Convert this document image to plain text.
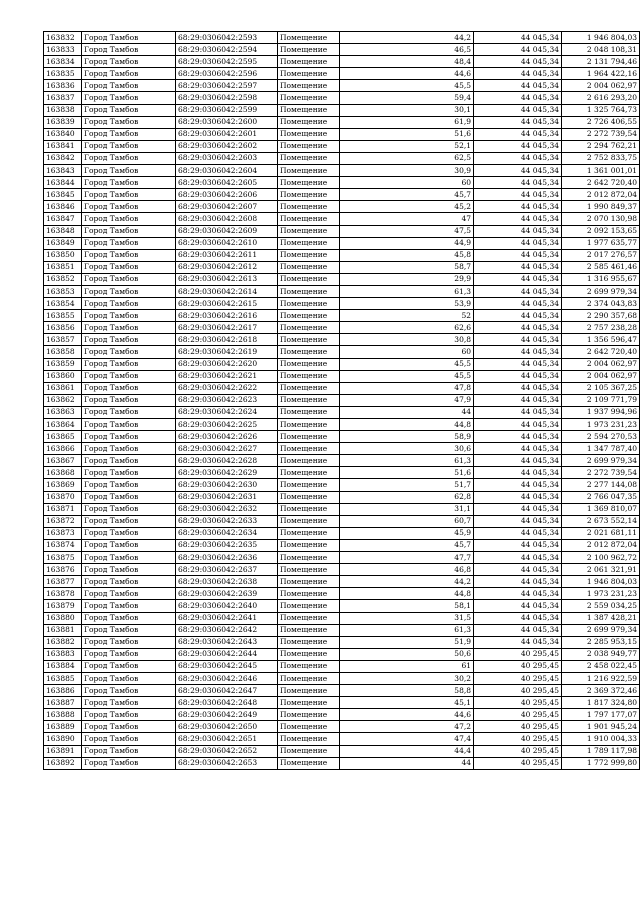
163832	Город Тамбов	68:29:0306042:2593	Помещение	44,2	44 045,34	1 946 804,03
163833	Город Тамбов	68:29:0306042:2594	Помещение	46,5	44 045,34	2 048 108,31
163834	Город Тамбов	68:29:0306042:2595	Помещение	48,4	44 045,34	2 131 794,46
163835	Город Тамбов	68:29:0306042:2596	Помещение	44,6	44 045,34	1 964 422,16
163836	Город Тамбов	68:29:0306042:2597	Помещение	45,5	44 045,34	2 004 062,97
163837	Город Тамбов	68:29:0306042:2598	Помещение	59,4	44 045,34	2 616 293,20
163838	Город Тамбов	68:29:0306042:2599	Помещение	30,1	44 045,34	1 325 764,73
163839	Город Тамбов	68:29:0306042:2600	Помещение	61,9	44 045,34	2 726 406,55
163840	Город Тамбов	68:29:0306042:2601	Помещение	51,6	44 045,34	2 272 739,54
163841	Город Тамбов	68:29:0306042:2602	Помещение	52,1	44 045,34	2 294 762,21
163842	Город Тамбов	68:29:0306042:2603	Помещение	62,5	44 045,34	2 752 833,75
163843	Город Тамбов	68:29:0306042:2604	Помещение	30,9	44 045,34	1 361 001,01
163844	Город Тамбов	68:29:0306042:2605	Помещение	60	44 045,34	2 642 720,40
163845	Город Тамбов	68:29:0306042:2606	Помещение	45,7	44 045,34	2 012 872,04
163846	Город Тамбов	68:29:0306042:2607	Помещение	45,2	44 045,34	1 990 849,37
163847	Город Тамбов	68:29:0306042:2608	Помещение	47	44 045,34	2 070 130,98
163848	Город Тамбов	68:29:0306042:2609	Помещение	47,5	44 045,34	2 092 153,65
163849	Город Тамбов	68:29:0306042:2610	Помещение	44,9	44 045,34	1 977 635,77
163850	Город Тамбов	68:29:0306042:2611	Помещение	45,8	44 045,34	2 017 276,57
163851	Город Тамбов	68:29:0306042:2612	Помещение	58,7	44 045,34	2 585 461,46
163852	Город Тамбов	68:29:0306042:2613	Помещение	29,9	44 045,34	1 316 955,67
163853	Город Тамбов	68:29:0306042:2614	Помещение	61,3	44 045,34	2 699 979,34
163854	Город Тамбов	68:29:0306042:2615	Помещение	53,9	44 045,34	2 374 043,83
163855	Город Тамбов	68:29:0306042:2616	Помещение	52	44 045,34	2 290 357,68
163856	Город Тамбов	68:29:0306042:2617	Помещение	62,6	44 045,34	2 757 238,28
163857	Город Тамбов	68:29:0306042:2618	Помещение	30,8	44 045,34	1 356 596,47
163858	Город Тамбов	68:29:0306042:2619	Помещение	60	44 045,34	2 642 720,40
163859	Город Тамбов	68:29:0306042:2620	Помещение	45,5	44 045,34	2 004 062,97
163860	Город Тамбов	68:29:0306042:2621	Помещение	45,5	44 045,34	2 004 062,97
163861	Город Тамбов	68:29:0306042:2622	Помещение	47,8	44 045,34	2 105 367,25
163862	Город Тамбов	68:29:0306042:2623	Помещение	47,9	44 045,34	2 109 771,79
163863	Город Тамбов	68:29:0306042:2624	Помещение	44	44 045,34	1 937 994,96
163864	Город Тамбов	68:29:0306042:2625	Помещение	44,8	44 045,34	1 973 231,23
163865	Город Тамбов	68:29:0306042:2626	Помещение	58,9	44 045,34	2 594 270,53
163866	Город Тамбов	68:29:0306042:2627	Помещение	30,6	44 045,34	1 347 787,40
163867	Город Тамбов	68:29:0306042:2628	Помещение	61,3	44 045,34	2 699 979,34
163868	Город Тамбов	68:29:0306042:2629	Помещение	51,6	44 045,34	2 272 739,54
163869	Город Тамбов	68:29:0306042:2630	Помещение	51,7	44 045,34	2 277 144,08
163870	Город Тамбов	68:29:0306042:2631	Помещение	62,8	44 045,34	2 766 047,35
163871	Город Тамбов	68:29:0306042:2632	Помещение	31,1	44 045,34	1 369 810,07
163872	Город Тамбов	68:29:0306042:2633	Помещение	60,7	44 045,34	2 673 552,14
163873	Город Тамбов	68:29:0306042:2634	Помещение	45,9	44 045,34	2 021 681,11
163874	Город Тамбов	68:29:0306042:2635	Помещение	45,7	44 045,34	2 012 872,04
163875	Город Тамбов	68:29:0306042:2636	Помещение	47,7	44 045,34	2 100 962,72
163876	Город Тамбов	68:29:0306042:2637	Помещение	46,8	44 045,34	2 061 321,91
163877	Город Тамбов	68:29:0306042:2638	Помещение	44,2	44 045,34	1 946 804,03
163878	Город Тамбов	68:29:0306042:2639	Помещение	44,8	44 045,34	1 973 231,23
163879	Город Тамбов	68:29:0306042:2640	Помещение	58,1	44 045,34	2 559 034,25
163880	Город Тамбов	68:29:0306042:2641	Помещение	31,5	44 045,34	1 387 428,21
163881	Город Тамбов	68:29:0306042:2642	Помещение	61,3	44 045,34	2 699 979,34
163882	Город Тамбов	68:29:0306042:2643	Помещение	51,9	44 045,34	2 285 953,15
163883	Город Тамбов	68:29:0306042:2644	Помещение	50,6	40 295,45	2 038 949,77
163884	Город Тамбов	68:29:0306042:2645	Помещение	61	40 295,45	2 458 022,45
163885	Город Тамбов	68:29:0306042:2646	Помещение	30,2	40 295,45	1 216 922,59
163886	Город Тамбов	68:29:0306042:2647	Помещение	58,8	40 295,45	2 369 372,46
163887	Город Тамбов	68:29:0306042:2648	Помещение	45,1	40 295,45	1 817 324,80
163888	Город Тамбов	68:29:0306042:2649	Помещение	44,6	40 295,45	1 797 177,07
163889	Город Тамбов	68:29:0306042:2650	Помещение	47,2	40 295,45	1 901 945,24
163890	Город Тамбов	68:29:0306042:2651	Помещение	47,4	40 295,45	1 910 004,33
163891	Город Тамбов	68:29:0306042:2652	Помещение	44,4	40 295,45	1 789 117,98
163892	Город Тамбов	68:29:0306042:2653	Помещение	44	40 295,45	1 772 999,80
